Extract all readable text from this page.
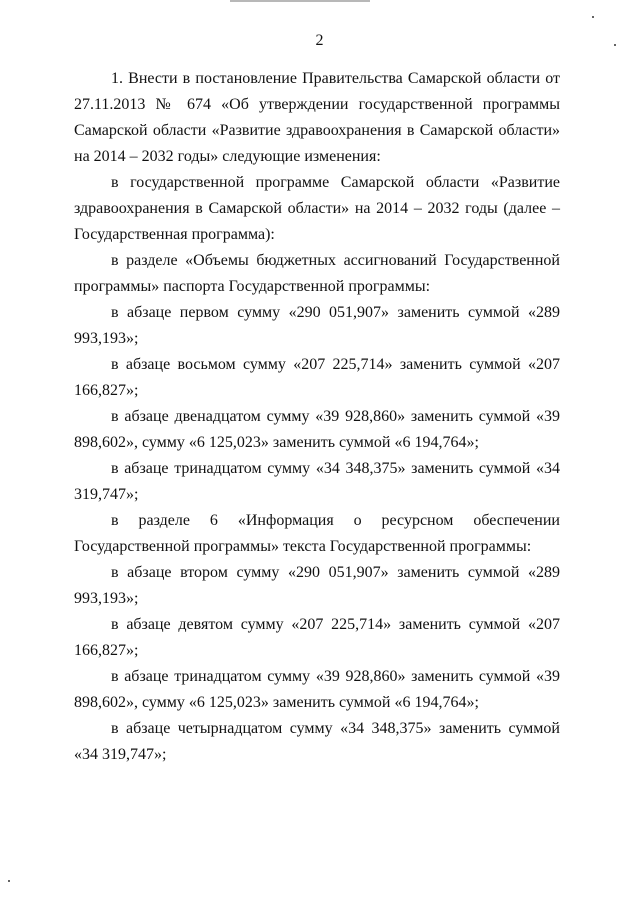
2

1. Внести в постановление Правительства Самарской области от 27.11.2013 № 674 «Об утверждении государственной программы Самарской области «Развитие здравоохранения в Самарской области» на 2014 – 2032 годы» следующие изменения:

в государственной программе Самарской области «Развитие здравоохранения в Самарской области» на 2014 – 2032 годы (далее – Государственная программа):

в разделе «Объемы бюджетных ассигнований Государственной программы» паспорта Государственной программы:

в абзаце первом сумму «290 051,907» заменить суммой «289 993,193»;

в абзаце восьмом сумму «207 225,714» заменить суммой «207 166,827»;

в абзаце двенадцатом сумму «39 928,860» заменить суммой «39 898,602», сумму «6 125,023» заменить суммой «6 194,764»;

в абзаце тринадцатом сумму «34 348,375» заменить суммой «34 319,747»;

в разделе 6 «Информация о ресурсном обеспечении Государственной программы» текста Государственной программы:

в абзаце втором сумму «290 051,907» заменить суммой «289 993,193»;

в абзаце девятом сумму «207 225,714» заменить суммой «207 166,827»;

в абзаце тринадцатом сумму «39 928,860» заменить суммой «39 898,602», сумму «6 125,023» заменить суммой «6 194,764»;

в абзаце четырнадцатом сумму «34 348,375» заменить суммой «34 319,747»;
